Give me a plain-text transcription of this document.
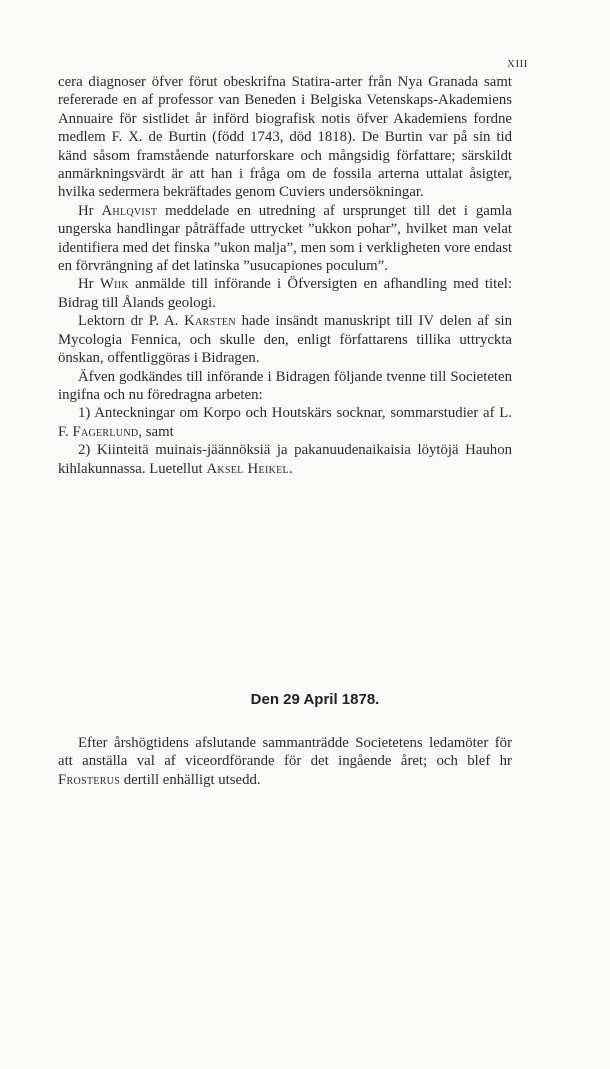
XIII

cera diagnoser öfver förut obeskrifna Statira-arter från Nya Granada samt refererade en af professor van Beneden i Belgiska Vetenskaps-Akademiens Annuaire för sistlidet år införd biografisk notis öfver Akademiens fordne medlem F. X. de Burtin (född 1743, död 1818). De Burtin var på sin tid känd såsom framstående naturforskare och mångsidig författare; särskildt anmärkningsvärdt är att han i fråga om de fossila arterna uttalat åsigter, hvilka sedermera bekräftades genom Cuviers undersökningar.

Hr Ahlqvist meddelade en utredning af ursprunget till det i gamla ungerska handlingar påträffade uttrycket ”ukkon pohar”, hvilket man velat identifiera med det finska ”ukon malja”, men som i verkligheten vore endast en förvrängning af det latinska ”usucapiones poculum”.

Hr Wiik anmälde till införande i Öfversigten en afhandling med titel: Bidrag till Ålands geologi.

Lektorn dr P. A. Karsten hade insändt manuskript till IV delen af sin Mycologia Fennica, och skulle den, enligt författarens tillika uttryckta önskan, offentliggöras i Bidragen.

Äfven godkändes till införande i Bidragen följande tvenne till Societeten ingifna och nu föredragna arbeten:

1) Anteckningar om Korpo och Houtskärs socknar, sommarstudier af L. F. Fagerlund, samt

2) Kiinteitä muinais-jäännöksiä ja pakanuudenaikaisia löytöjä Hauhon kihlakunnassa. Luetellut Aksel Heikel.

Den 29 April 1878.

Efter årshögtidens afslutande sammanträdde Societetens ledamöter för att anställa val af viceordförande för det ingående året; och blef hr Frosterus dertill enhälligt utsedd.
